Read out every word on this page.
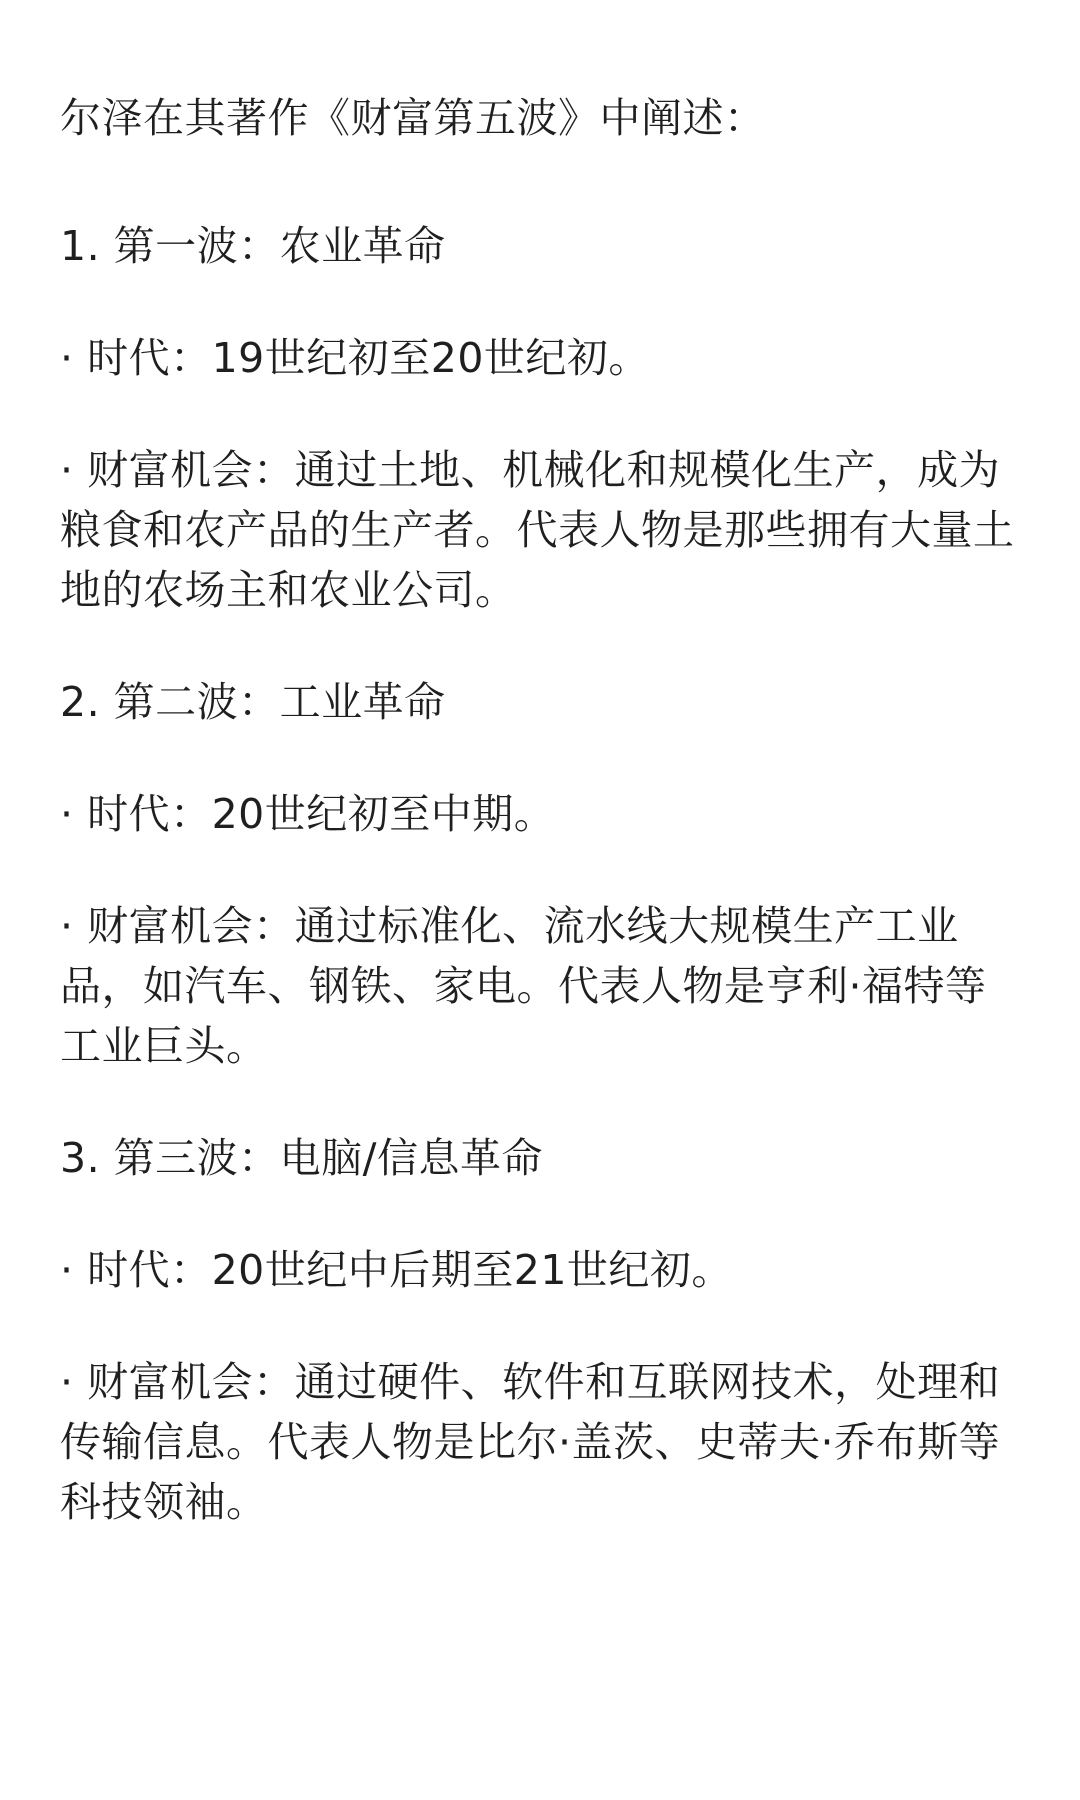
尔泽在其著作《财富第五波》中阐述：

1. 第一波：农业革命

· 时代：19世纪初至20世纪初。

· 财富机会：通过土地、机械化和规模化生产，成为粮食和农产品的生产者。代表人物是那些拥有大量土地的农场主和农业公司。

2. 第二波：工业革命

· 时代：20世纪初至中期。

· 财富机会：通过标准化、流水线大规模生产工业品，如汽车、钢铁、家电。代表人物是亨利·福特等工业巨头。

3. 第三波：电脑/信息革命

· 时代：20世纪中后期至21世纪初。

· 财富机会：通过硬件、软件和互联网技术，处理和传输信息。代表人物是比尔·盖茨、史蒂夫·乔布斯等科技领袖。
